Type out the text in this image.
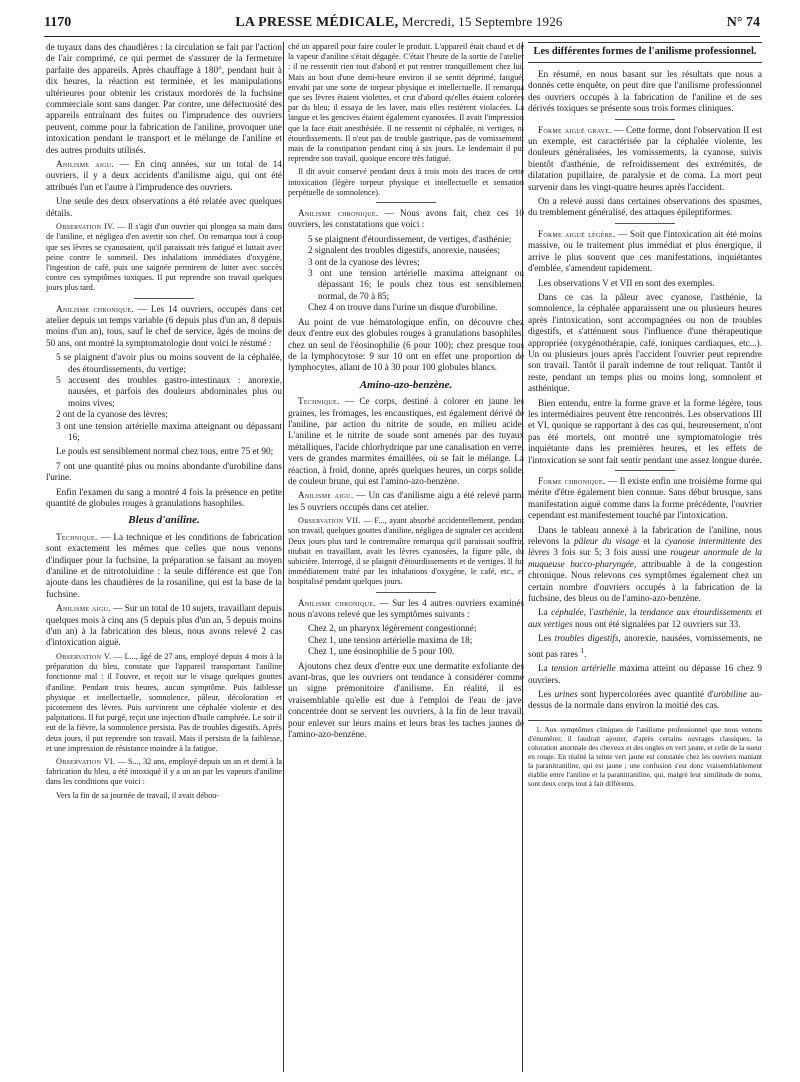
1170	LA PRESSE MÉDICALE, Mercredi, 15 Septembre 1926	N° 74

de tuyaux dans des chaudières : la circulation se fait par l'action de l'air comprimé, ce qui permet de s'assurer de la fermeture parfaite des appareils. Après chauffage à 180°, pendant huit à dix heures, la réaction est terminée, et les manipulations ultérieures pour obtenir les cristaux mordorés de la fuchsine commerciale sont sans danger. Par contre, une défectuosité des appareils entraînant des fuites ou l'imprudence des ouvriers peuvent, comme pour la fabrication de l'aniline, provoquer une intoxication pendant le transport et le mélange de l'aniline et des autres produits utilisés.

Anilisme aigu. — En cinq années, sur un total de 14 ouvriers, il y a deux accidents d'anilisme aigu, qui ont été attribués l'un et l'autre à l'imprudence des ouvriers.

Une seule des deux observations a été relatée avec quelques détails.

Observation IV. — Il s'agit d'un ouvrier qui plongea sa main dans de l'aniline, et négligea d'en avertir son chef. On remarqua tout à coup que ses lèvres se cyanosaient, qu'il paraissait très fatigué et luttait avec peine contre le sommeil. Des inhalations immédiates d'oxygène, l'ingestion de café, puis une saignée permirent de lutter avec succès contre ces symptômes toxiques. Il put reprendre son travail quelques jours plus tard.

Anilisme chronique. — Les 14 ouvriers, occupés dans cet atelier depuis un temps variable (6 depuis plus d'un an, 8 depuis moins d'un an), tous, sauf le chef de service, âgés de moins de 50 ans, ont montré la symptomatologie dont voici le résumé :

5 se plaignent d'avoir plus ou moins souvent de la céphalée, des étourdissements, du vertige;
5 accusent des troubles gastro-intestinaux : anorexie, nausées, et parfois des douleurs abdominales plus ou moins vives;
2 ont de la cyanose des lèvres;
3 ont une tension artérielle maxima atteignant ou dépassant 16;

Le pouls est sensiblement normal chez tous, entre 75 et 90;

7 ont une quantité plus ou moins abondante d'urobiline dans l'urine.

Enfin l'examen du sang a montré 4 fois la présence en petite quantité de globules rouges à granulations basophiles.

Bleus d'aniline.

Technique. — La technique et les conditions de fabrication sont exactement les mêmes que celles que nous venons d'indiquer pour la fuchsine, la préparation se faisant au moyen d'aniline et de nitrotoluidine : la seule différence est que l'on ajoute dans les chaudières de la rosaniline, qui est la base de la fuchsine.

Anilisme aigu. — Sur un total de 10 sujets, travaillant depuis quelques mois à cinq ans (5 depuis plus d'un an, 5 depuis moins d'un an) à la fabrication des bleus, nous avons relevé 2 cas d'intoxication aiguë.

Observation V. — L..., âgé de 27 ans, employé depuis 4 mois à la préparation du bleu, constate que l'appareil transportant l'aniline fonctionne mal : il l'ouvre, et reçoit sur le visage quelques gouttes d'aniline. Pendant trois heures, aucun symptôme. Puis faiblesse physique et intellectuelle, somnolence, pâleur, décoloration et picotement des lèvres. Puis survinrent une céphalée violente et des palpitations. Il fut purgé, reçut une injection d'huile camphrée. Le soir il eut de la fièvre, la somnolence persista. Pas de troubles digestifs. Après deux jours, il put reprendre son travail. Mais il persista de la faiblesse, et une impression de résistance moindre à la fatigue.

Observation VI. — S..., 32 ans, employé depuis un an et demi à la fabrication du bleu, a été intoxiqué il y a un an par les vapeurs d'aniline dans les conditions que voici :

Vers la fin de sa journée de travail, il avait débou-

ché un appareil pour faire couler le produit. L'appareil était chaud et de la vapeur d'aniline s'était dégagée. C'était l'heure de la sortie de l'atelier : il ne ressentit rien tout d'abord et put rentrer tranquillement chez lui. Mais au bout d'une demi-heure environ il se sentit déprimé, fatigué, envahi par une sorte de torpeur physique et intellectuelle. Il remarqua que ses lèvres étaient violettes, et crut d'abord qu'elles étaient colorées par du bleu; il essaya de les laver, mais elles restèrent violacées. La langue et les gencives étaient également cyanosées. Il avait l'impression que la face était anesthésiée. Il ne ressentit ni céphalée, ni vertiges, ni étourdissements. Il n'eut pas de trouble gastrique, pas de vomissement; mais de la constipation pendant cinq à six jours. Le lendemain il put reprendre son travail, quoique encore très fatigué.

Il dit avoir conservé pendant deux à trois mois des traces de cette intoxication (légère torpeur physique et intellectuelle et sensation perpétuelle de somnolence).

Anilisme chronique. — Nous avons fait, chez ces 10 ouvriers, les constatations que voici :

5 se plaignent d'étourdissement, de vertiges, d'asthénie;
2 signalent des troubles digestifs, anorexie, nausées;
3 ont de la cyanose des lèvres;
3 ont une tension artérielle maxima atteignant ou dépassant 16; le pouls chez tous est sensiblement normal, de 70 à 85;
Chez 4 on trouve dans l'urine un disque d'urobiline.

Au point de vue hématologique enfin, on découvre chez deux d'entre eux des globules rouges à granulations basophiles; chez un seul de l'éosinophilie (6 pour 100); chez presque tous de la lymphocytose: 9 sur 10 ont en effet une proportion de lymphocytes, allant de 10 à 30 pour 100 globules blancs.

Amino-azo-benzène.

Technique. — Ce corps, destiné à colorer en jaune les graines, les fromages, les encaustiques, est également dérivé de l'aniline, par action du nitrite de soude, en milieu acide. L'aniline et le nitrite de soude sont amenés par des tuyaux métalliques, l'acide chlorhydrique par une canalisation en verre, vers de grandes marmites émaillées, où se fait le mélange. La réaction, à froid, donne, après quelques heures, un corps solide, de couleur brune, qui est l'amino-azo-benzène.

Anilisme aigu. — Un cas d'anilisme aigu a été relevé parmi les 5 ouvriers occupés dans cet atelier.

Observation VII. — F..., ayant absorbé accidentellement, pendant son travail, quelques gouttes d'aniline, négligea de signaler cet accident. Deux jours plus tard le contremaître remarqua qu'il paraissait souffrir, titubait en travaillant, avait les lèvres cyanosées, la figure pâle, du subictère. Interrogé, il se plaignit d'étourdissements et de vertiges. Il fut immédiatement traité par les inhalations d'oxygène, le café, etc., et hospitalisé pendant quelques jours.

Anilisme chronique. — Sur les 4 autres ouvriers examinés nous n'avons relevé que les symptômes suivants :

Chez 2, un pharynx légèrement congestionné;
Chez 1, une tension artérielle maxima de 18;
Chez 1, une éosinophilie de 5 pour 100.

Ajoutons chez deux d'entre eux une dermatite exfoliante des avant-bras, que les ouvriers ont tendance à considérer comme un signe prémonitoire d'anilisme. En réalité, il est vraisemblable qu'elle est due à l'emploi de l'eau de javel concentrée dont se servent les ouvriers, à la fin de leur travail, pour enlever sur leurs mains et leurs bras les taches jaunes de l'amino-azo-benzène.

Les différentes formes de l'anilisme professionnel.

En résumé, en nous basant sur les résultats que nous a donnés cette enquête, on peut dire que l'anilisme professionnel des ouvriers occupés à la fabrication de l'aniline et de ses dérivés toxiques se présente sous trois formes cliniques.

Forme aiguë grave. — Cette forme, dont l'observation II est un exemple, est caractérisée par la céphalée violente, les douleurs généralisées, les vomissements, la cyanose, suivis bientôt d'asthénie, de refroidissement des extrémités, de dilatation pupillaire, de paralysie et de coma. La mort peut survenir dans les vingt-quatre heures après l'accident.

On a relevé aussi dans certaines observations des spasmes, du tremblement généralisé, des attaques épileptiformes.

Forme aiguë légère. — Soit que l'intoxication ait été moins massive, ou le traitement plus immédiat et plus énergique, il arrive le plus souvent que ces manifestations, inquiétantes d'emblée, s'amendent rapidement.

Les observations V et VII en sont des exemples.

Dans ce cas la pâleur avec cyanose, l'asthénie, la somnolence, la céphalée apparaissent une ou plusieurs heures après l'intoxication, sont accompagnées ou non de troubles digestifs, et s'atténuent sous l'influence d'une thérapeutique appropriée (oxygénothérapie, café, toniques cardiaques, etc...). Un ou plusieurs jours après l'accident l'ouvrier peut reprendre son travail. Tantôt il paraît indemne de tout reliquat. Tantôt il reste, pendant un temps plus ou moins long, somnolent et asthénique.

Bien entendu, entre la forme grave et la forme légère, tous les intermédiaires peuvent être rencontrés. Les observations III et VI, quoique se rapportant à des cas qui, heureusement, n'ont pas été mortels, ont montré une symptomatologie très inquiétante dans les premières heures, et les effets de l'intoxication se sont fait sentir pendant une assez longue durée.

Forme chronique. — Il existe enfin une troisième forme qui mérite d'être également bien connue. Sans début brusque, sans manifestation aiguë comme dans la forme précédente, l'ouvrier cependant est manifestement touché par l'intoxication.

Dans le tableau annexé à la fabrication de l'aniline, nous relevons la pâleur du visage et la cyanose intermittente des lèvres 3 fois sur 5; 3 fois aussi une rougeur anormale de la muqueuse bucco-pharyngée, attribuable à de la congestion chronique. Nous relevons ces symptômes également chez un certain nombre d'ouvriers occupés à la fabrication de la fuchsine, des bleus ou de l'amino-azo-benzène.

La céphalée, l'asthénie, la tendance aux étourdissements et aux vertiges nous ont été signalées par 12 ouvriers sur 33.

Les troubles digestifs, anorexie, nausées, vomissements, ne sont pas rares $^1$.

La tension artérielle maxima atteint ou dépasse 16 chez 9 ouvriers.

Les urines sont hypercolorées avec quantité d'urobiline au-dessus de la normale dans environ la moitié des cas.

1. Aux symptômes cliniques de l'anilisme professionnel que nous venons d'énumérer, il faudrait ajouter, d'après certains ouvrages classiques, la coloration anormale des cheveux et des ongles en vert jaune, et celle de la sueur en rouge. En réalité la teinte vert jaune est constatée chez les ouvriers maniant la paranitraniline, qui est jaune ; une confusion s'est donc vraisemblablement établie entre l'aniline et la paranitraniline, qui, malgré leur similitude de noms, sont deux corps tout à fait différents.
